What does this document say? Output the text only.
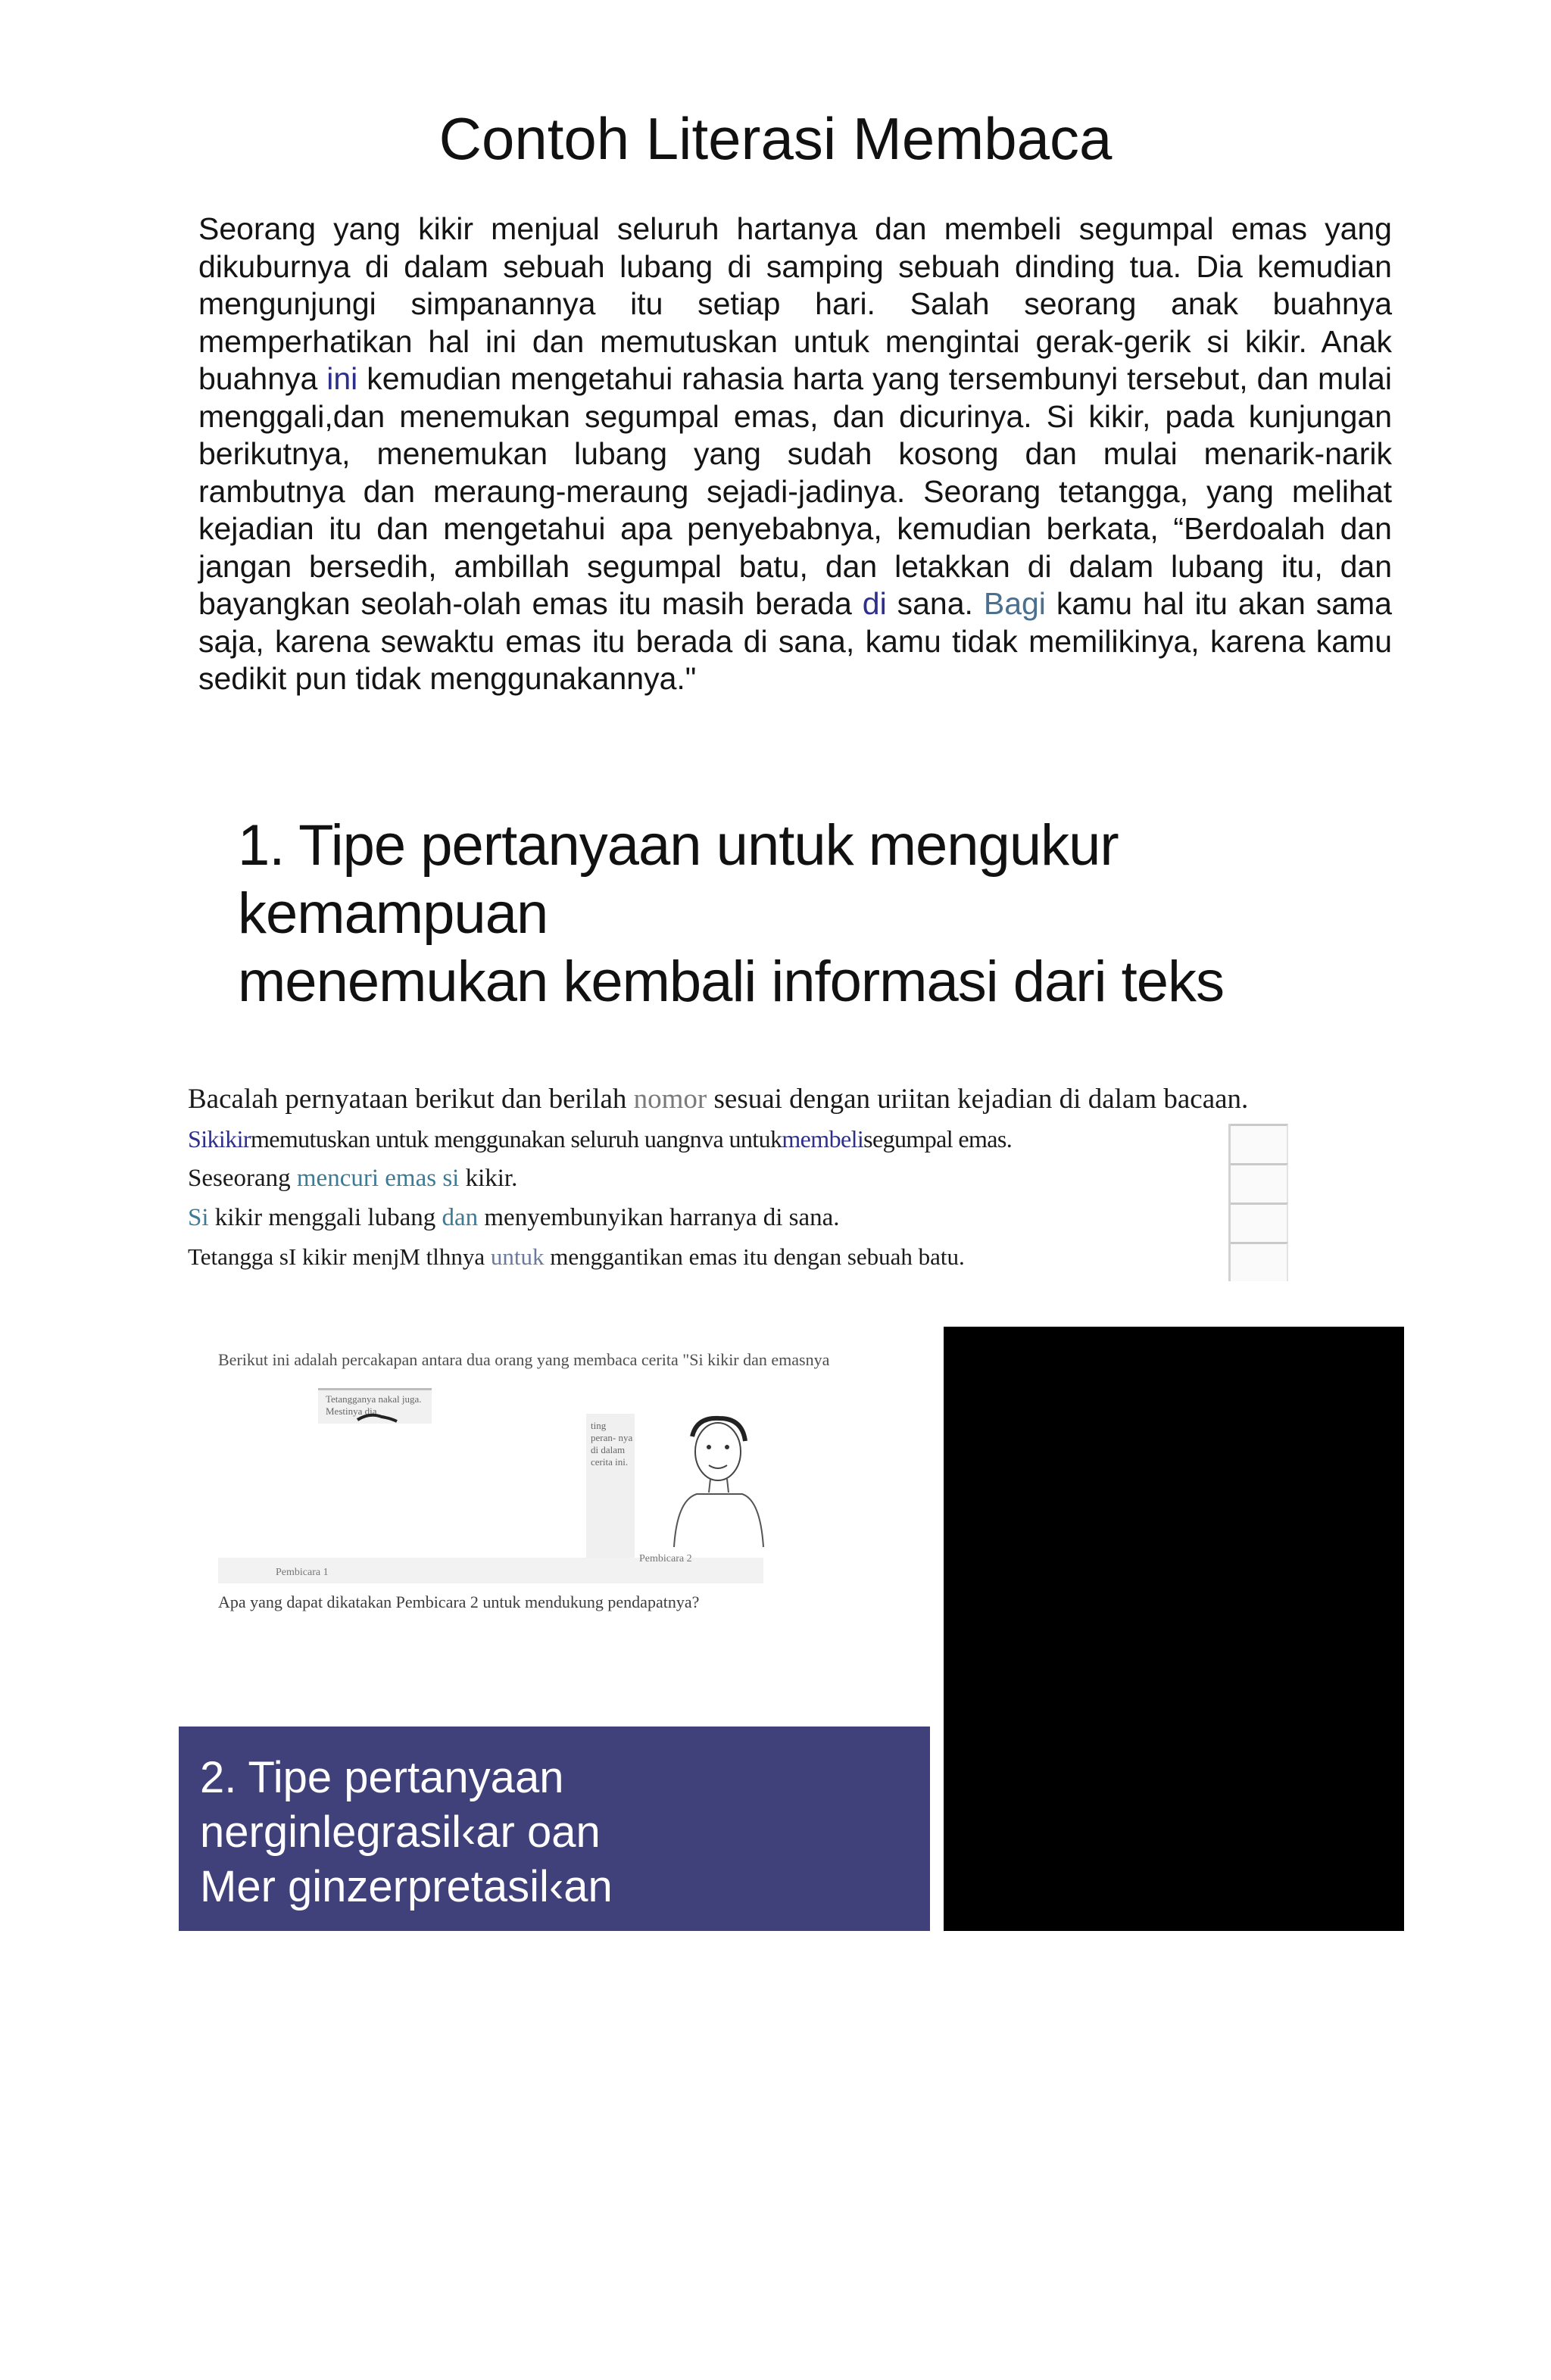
Contoh Literasi Membaca

Seorang yang kikir menjual seluruh hartanya dan membeli segumpal emas yang dikuburnya di dalam sebuah lubang di samping sebuah dinding tua. Dia kemudian mengunjungi simpanannya itu setiap hari. Salah seorang anak buahnya memperhatikan hal ini dan memutuskan untuk mengintai gerak-gerik si kikir. Anak buahnya ini kemudian mengetahui rahasia harta yang tersembunyi tersebut, dan mulai menggali,dan menemukan segumpal emas, dan dicurinya. Si kikir, pada kunjungan berikutnya, menemukan lubang yang sudah kosong dan mulai menarik-narik rambutnya dan meraung-meraung sejadi-jadinya. Seorang tetangga, yang melihat kejadian itu dan mengetahui apa penyebabnya, kemudian berkata, “Berdoalah dan jangan bersedih, ambillah segumpal batu, dan letakkan di dalam lubang itu, dan bayangkan seolah-olah emas itu masih berada di sana. Bagi kamu hal itu akan sama saja, karena sewaktu emas itu berada di sana, kamu tidak memilikinya, karena kamu sedikit pun tidak menggunakannya."

1. Tipe pertanyaan untuk mengukur kemampuan
menemukan kembali informasi dari teks
Bacalah pernyataan berikut dan berilah nomor sesuai dengan uriitan kejadian di dalam bacaan.
Sikikirmemutuskan untuk menggunakan seluruh uangnva untukmembelisegumpal emas.
Seseorang mencuri emas si kikir.
Si kikir menggali lubang dan menyembunyikan harranya di sana.
Tetangga sI kikir menjM tlhnya untuk menggantikan emas itu dengan sebuah batu.
Berikut ini adalah percakapan antara dua orang yang membaca cerita "Si kikir dan emasnya
Tetangganya nakal juga. Mestinya dia
ting peran- nya di dalam cerita ini.
Pembicara 1
Pembicara 2
Apa yang dapat dikatakan Pembicara 2 untuk mendukung pendapatnya?
2. Tipe pertanyaan
nerginlegrasil‹ar oan
Mer ginzerpretasil‹an
